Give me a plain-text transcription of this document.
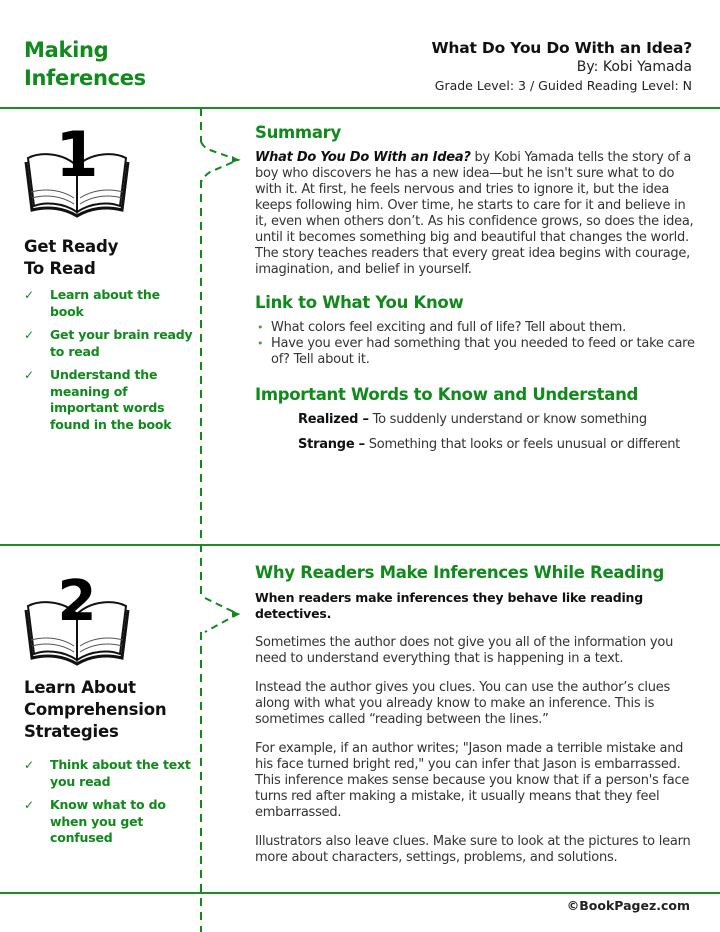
Making
Inferences
What Do You Do With an Idea?
By: Kobi Yamada
Grade Level: 3 / Guided Reading Level: N
1
Get Ready
To Read
✓ Learn about the book
✓ Get your brain ready to read
✓ Understand the meaning of important words found in the book
Summary

What Do You Do With an Idea? by Kobi Yamada tells the story of a boy who discovers he has a new idea—but he isn't sure what to do with it. At first, he feels nervous and tries to ignore it, but the idea keeps following him. Over time, he starts to care for it and believe in it, even when others don’t. As his confidence grows, so does the idea, until it becomes something big and beautiful that changes the world. The story teaches readers that every great idea begins with courage, imagination, and belief in yourself.

Link to What You Know
• What colors feel exciting and full of life? Tell about them.
• Have you ever had something that you needed to feed or take care of? Tell about it.
Important Words to Know and Understand

Realized – To suddenly understand or know something

Strange – Something that looks or feels unusual or different

2
Learn About
Comprehension
Strategies
✓ Think about the text you read
✓ Know what to do when you get confused
Why Readers Make Inferences While Reading

When readers make inferences they behave like reading detectives.

Sometimes the author does not give you all of the information you need to understand everything that is happening in a text.

Instead the author gives you clues. You can use the author’s clues along with what you already know to make an inference. This is sometimes called “reading between the lines.”

For example, if an author writes; "Jason made a terrible mistake and his face turned bright red," you can infer that Jason is embarrassed. This inference makes sense because you know that if a person's face turns red after making a mistake, it usually means that they feel embarrassed.

Illustrators also leave clues. Make sure to look at the pictures to learn more about characters, settings, problems, and solutions.

©BookPagez.com
